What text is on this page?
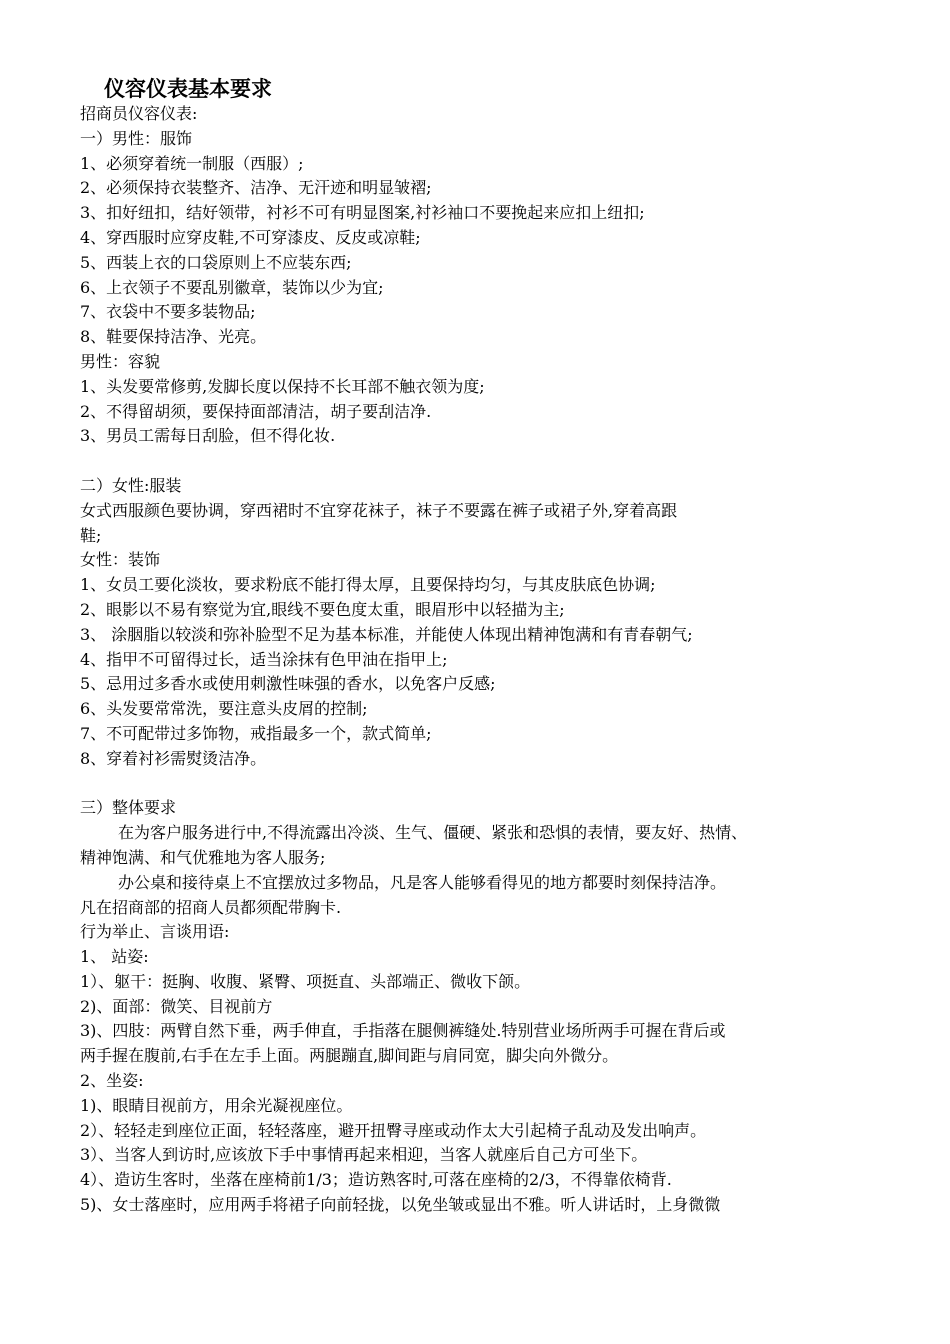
仪容仪表基本要求

招商员仪容仪表:

一）男性：服饰

1、必须穿着统一制服（西服）;

2、必须保持衣装整齐、洁净、无汗迹和明显皱褶;

3、扣好纽扣，结好领带，衬衫不可有明显图案,衬衫袖口不要挽起来应扣上纽扣;

4、穿西服时应穿皮鞋,不可穿漆皮、反皮或凉鞋;

5、西装上衣的口袋原则上不应装东西;

6、上衣领子不要乱别徽章，装饰以少为宜;

7、衣袋中不要多装物品;

8、鞋要保持洁净、光亮。

男性：容貌

1、头发要常修剪,发脚长度以保持不长耳部不触衣领为度;

2、不得留胡须，要保持面部清洁，胡子要刮洁净.

3、男员工需每日刮脸，但不得化妆.

二）女性:服装

女式西服颜色要协调，穿西裙时不宜穿花袜子，袜子不要露在裤子或裙子外,穿着高跟

鞋;

女性：装饰

1、女员工要化淡妆，要求粉底不能打得太厚，且要保持均匀，与其皮肤底色协调;

2、眼影以不易有察觉为宜,眼线不要色度太重，眼眉形中以轻描为主;

3、 涂胭脂以较淡和弥补脸型不足为基本标准，并能使人体现出精神饱满和有青春朝气;

4、指甲不可留得过长，适当涂抹有色甲油在指甲上;

5、忌用过多香水或使用刺激性味强的香水，以免客户反感;

6、头发要常常洗，要注意头皮屑的控制;

7、不可配带过多饰物，戒指最多一个，款式简单;

8、穿着衬衫需熨烫洁净。

三）整体要求

在为客户服务进行中,不得流露出冷淡、生气、僵硬、紧张和恐惧的表情，要友好、热情、

精神饱满、和气优雅地为客人服务;

办公桌和接待桌上不宜摆放过多物品，凡是客人能够看得见的地方都要时刻保持洁净。

凡在招商部的招商人员都须配带胸卡.

行为举止、言谈用语:

1、 站姿:

1）、躯干：挺胸、收腹、紧臀、项挺直、头部端正、微收下颌。

2)、面部：微笑、目视前方

3)、四肢：两臂自然下垂，两手伸直，手指落在腿侧裤缝处.特别营业场所两手可握在背后或

两手握在腹前,右手在左手上面。两腿蹦直,脚间距与肩同宽，脚尖向外微分。

2、坐姿:

1)、眼睛目视前方，用余光凝视座位。

2）、轻轻走到座位正面，轻轻落座，避开扭臀寻座或动作太大引起椅子乱动及发出响声。

3）、当客人到访时,应该放下手中事情再起来相迎，当客人就座后自己方可坐下。

4）、造访生客时，坐落在座椅前1/3；造访熟客时,可落在座椅的2/3，不得靠依椅背.

5)、女士落座时，应用两手将裙子向前轻拢，以免坐皱或显出不雅。听人讲话时，上身微微
